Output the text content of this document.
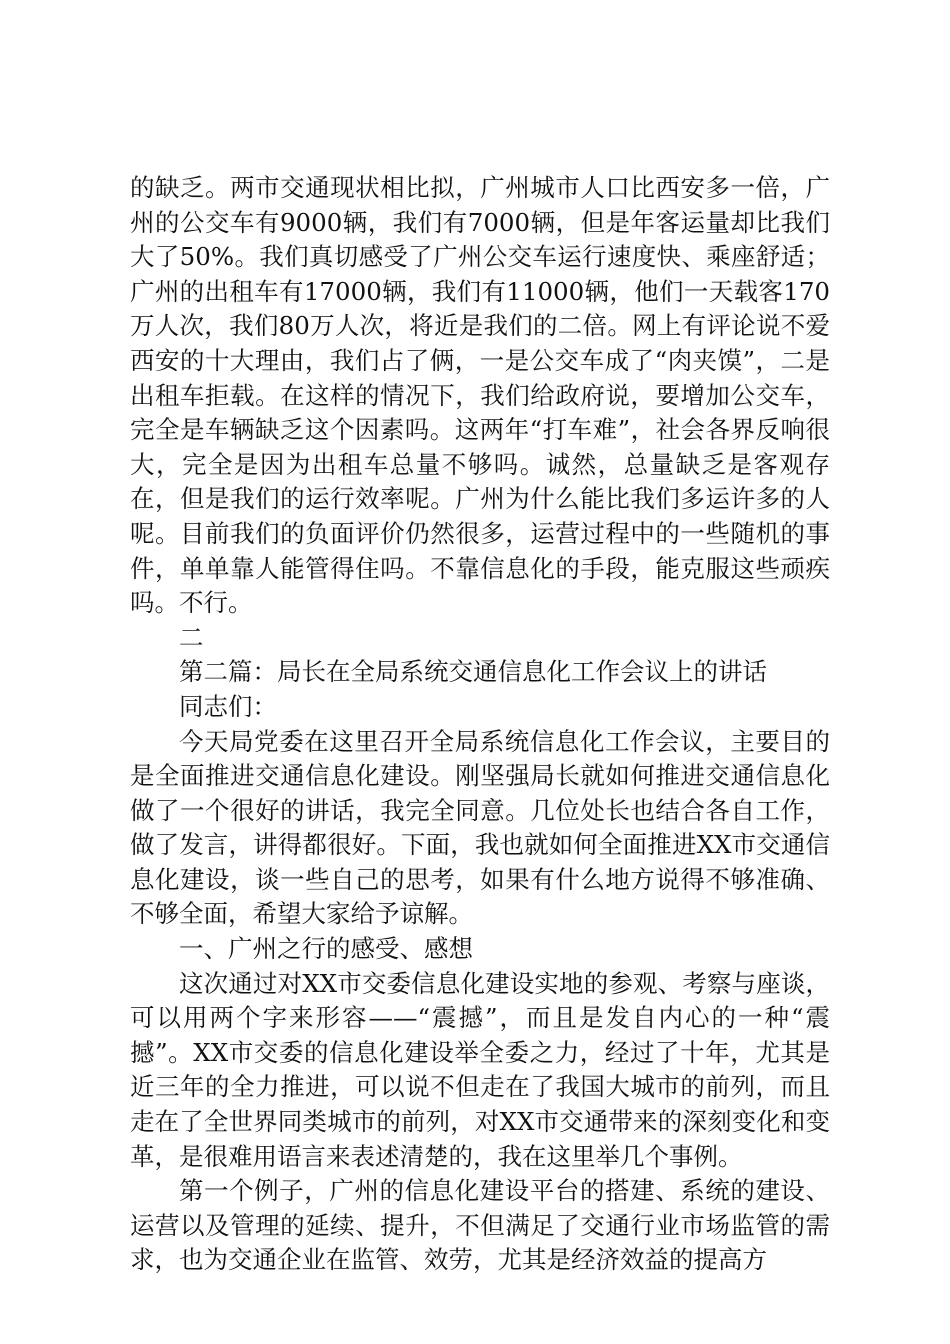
的缺乏。两市交通现状相比拟，广州城市人口比西安多一倍，广州的公交车有9000辆，我们有7000辆，但是年客运量却比我们大了50%。我们真切感受了广州公交车运行速度快、乘座舒适；广州的出租车有17000辆，我们有11000辆，他们一天载客170万人次，我们80万人次，将近是我们的二倍。网上有评论说不爱西安的十大理由，我们占了俩，一是公交车成了“肉夹馍”，二是出租车拒载。在这样的情况下，我们给政府说，要增加公交车，完全是车辆缺乏这个因素吗。这两年“打车难”，社会各界反响很大，完全是因为出租车总量不够吗。诚然，总量缺乏是客观存在，但是我们的运行效率呢。广州为什么能比我们多运许多的人呢。目前我们的负面评价仍然很多，运营过程中的一些随机的事件，单单靠人能管得住吗。不靠信息化的手段，能克服这些顽疾吗。不行。

二

第二篇：局长在全局系统交通信息化工作会议上的讲话

同志们：

今天局党委在这里召开全局系统信息化工作会议，主要目的是全面推进交通信息化建设。刚坚强局长就如何推进交通信息化做了一个很好的讲话，我完全同意。几位处长也结合各自工作，做了发言，讲得都很好。下面，我也就如何全面推进XX市交通信息化建设，谈一些自己的思考，如果有什么地方说得不够准确、不够全面，希望大家给予谅解。

一、广州之行的感受、感想

这次通过对XX市交委信息化建设实地的参观、考察与座谈，可以用两个字来形容——“震撼”，而且是发自内心的一种“震撼”。XX市交委的信息化建设举全委之力，经过了十年，尤其是近三年的全力推进，可以说不但走在了我国大城市的前列，而且走在了全世界同类城市的前列，对XX市交通带来的深刻变化和变革，是很难用语言来表述清楚的，我在这里举几个事例。

第一个例子，广州的信息化建设平台的搭建、系统的建设、运营以及管理的延续、提升，不但满足了交通行业市场监管的需求，也为交通企业在监管、效劳，尤其是经济效益的提高方
